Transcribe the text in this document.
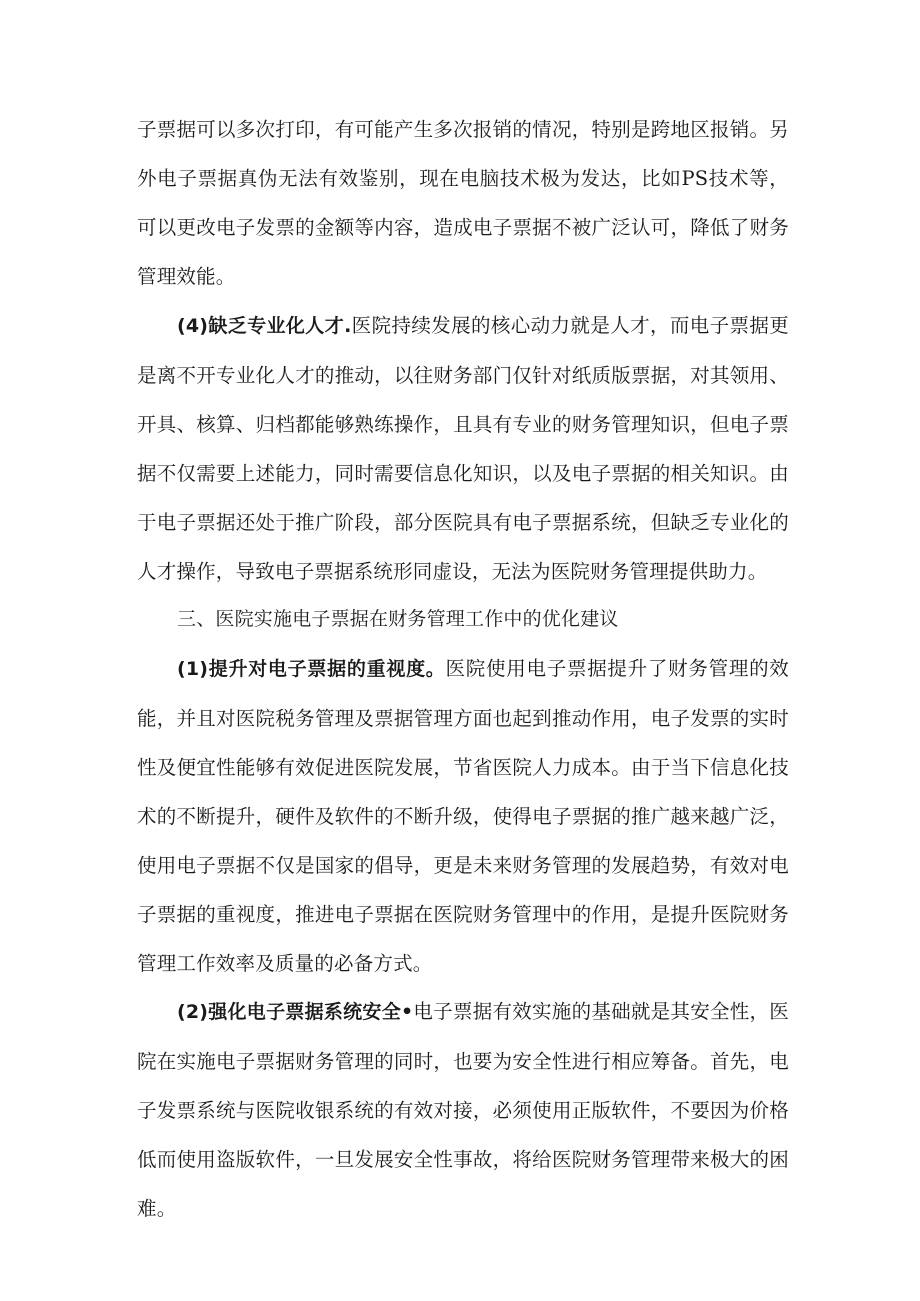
子票据可以多次打印，有可能产生多次报销的情况，特别是跨地区报销。另外电子票据真伪无法有效鉴别，现在电脑技术极为发达，比如PS技术等，可以更改电子发票的金额等内容，造成电子票据不被广泛认可，降低了财务管理效能。

(4)缺乏专业化人才.医院持续发展的核心动力就是人才，而电子票据更是离不开专业化人才的推动，以往财务部门仅针对纸质版票据，对其领用、开具、核算、归档都能够熟练操作，且具有专业的财务管理知识，但电子票据不仅需要上述能力，同时需要信息化知识，以及电子票据的相关知识。由于电子票据还处于推广阶段，部分医院具有电子票据系统，但缺乏专业化的人才操作，导致电子票据系统形同虚设，无法为医院财务管理提供助力。

三、医院实施电子票据在财务管理工作中的优化建议

(1)提升对电子票据的重视度。医院使用电子票据提升了财务管理的效能，并且对医院税务管理及票据管理方面也起到推动作用，电子发票的实时性及便宜性能够有效促进医院发展，节省医院人力成本。由于当下信息化技术的不断提升，硬件及软件的不断升级，使得电子票据的推广越来越广泛，使用电子票据不仅是国家的倡导，更是未来财务管理的发展趋势，有效对电子票据的重视度，推进电子票据在医院财务管理中的作用，是提升医院财务管理工作效率及质量的必备方式。

(2)强化电子票据系统安全•电子票据有效实施的基础就是其安全性，医院在实施电子票据财务管理的同时，也要为安全性进行相应筹备。首先，电子发票系统与医院收银系统的有效对接，必须使用正版软件，不要因为价格低而使用盗版软件，一旦发展安全性事故，将给医院财务管理带来极大的困难。
